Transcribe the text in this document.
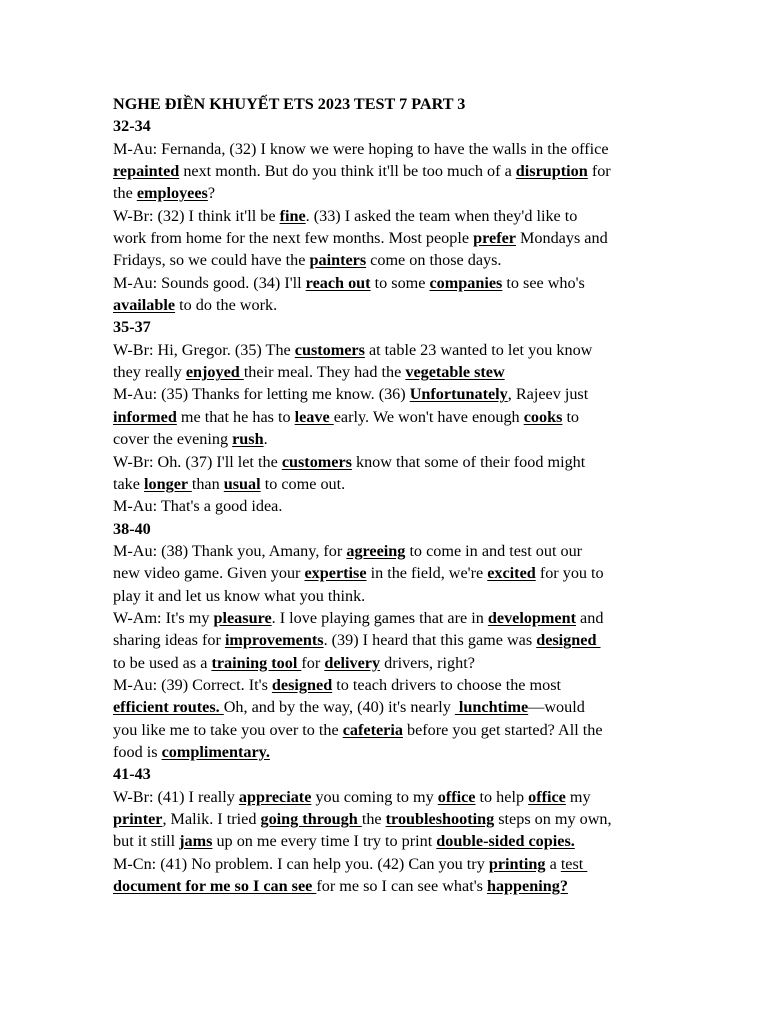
NGHE ĐIỀN KHUYẾT ETS 2023 TEST 7 PART 3
32-34
M-Au: Fernanda, (32) I know we were hoping to have the walls in the office
repainted next month. But do you think it'll be too much of a disruption for
the employees?
W-Br: (32) I think it'll be fine. (33) I asked the team when they'd like to
work from home for the next few months. Most people prefer Mondays and
Fridays, so we could have the painters come on those days.
M-Au: Sounds good. (34) I'll reach out to some companies to see who's
available to do the work.
35-37
W-Br: Hi, Gregor. (35) The customers at table 23 wanted to let you know
they really enjoyed their meal. They had the vegetable stew
M-Au: (35) Thanks for letting me know. (36) Unfortunately, Rajeev just
informed me that he has to leave early. We won't have enough cooks to
cover the evening rush.
W-Br: Oh. (37) I'll let the customers know that some of their food might
take longer than usual to come out.
M-Au: That's a good idea.
38-40
M-Au: (38) Thank you, Amany, for agreeing to come in and test out our
new video game. Given your expertise in the field, we're excited for you to
play it and let us know what you think.
W-Am: It's my pleasure. I love playing games that are in development and
sharing ideas for improvements. (39) I heard that this game was designed
to be used as a training tool for delivery drivers, right?
M-Au: (39) Correct. It's designed to teach drivers to choose the most
efficient routes. Oh, and by the way, (40) it's nearly  lunchtime—would
you like me to take you over to the cafeteria before you get started? All the
food is complimentary.
41-43
W-Br: (41) I really appreciate you coming to my office to help office my
printer, Malik. I tried going through the troubleshooting steps on my own,
but it still jams up on me every time I try to print double-sided copies.
M-Cn: (41) No problem. I can help you. (42) Can you try printing a test
document for me so I can see for me so I can see what's happening?
